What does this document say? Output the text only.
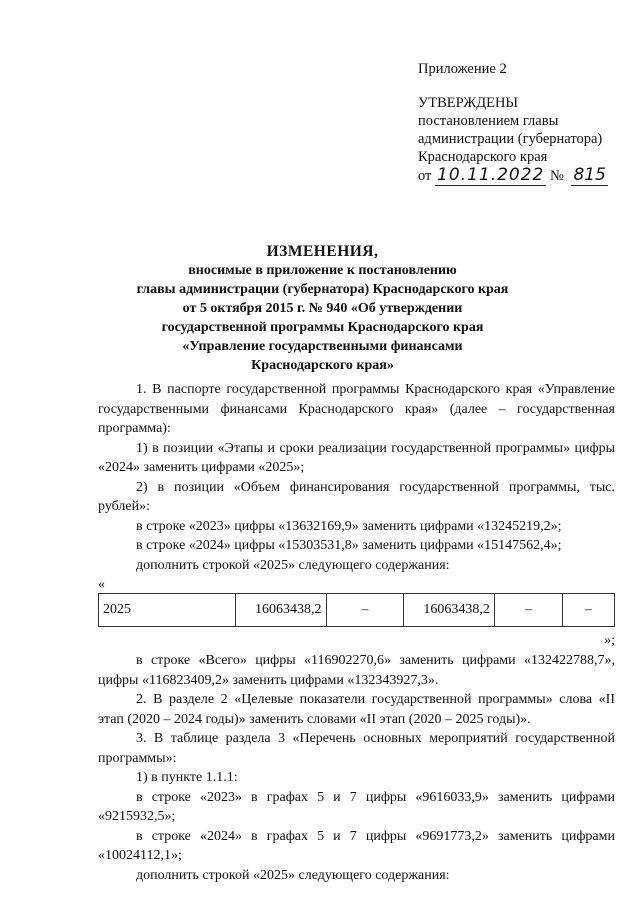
Приложение 2
УТВЕРЖДЕНЫ
постановлением главы
администрации (губернатора)
Краснодарского края
от 10.11.2022 № 815
ИЗМЕНЕНИЯ,
вносимые в приложение к постановлению
главы администрации (губернатора) Краснодарского края
от 5 октября 2015 г. № 940 «Об утверждении
государственной программы Краснодарского края
«Управление государственными финансами
Краснодарского края»

1. В паспорте государственной программы Краснодарского края «Управление государственными финансами Краснодарского края» (далее – государственная программа):

1) в позиции «Этапы и сроки реализации государственной программы» цифры «2024» заменить цифрами «2025»;

2) в позиции «Объем финансирования государственной программы, тыс. рублей»:

в строке «2023» цифры «13632169,9» заменить цифрами «13245219,2»;

в строке «2024» цифры «15303531,8» заменить цифрами «15147562,4»;

дополнить строкой «2025» следующего содержания:

«
2025	16063438,2	–	16063438,2	–	–
»;

в строке «Всего» цифры «116902270,6» заменить цифрами «132422788,7», цифры «116823409,2» заменить цифрами «132343927,3».

2. В разделе 2 «Целевые показатели государственной программы» слова «II этап (2020 – 2024 годы)» заменить словами «II этап (2020 – 2025 годы)».

3. В таблице раздела 3 «Перечень основных мероприятий государственной программы»:

1) в пункте 1.1.1:

в строке «2023» в графах 5 и 7 цифры «9616033,9» заменить цифрами «9215932,5»;

в строке «2024» в графах 5 и 7 цифры «9691773,2» заменить цифрами «10024112,1»;

дополнить строкой «2025» следующего содержания:
